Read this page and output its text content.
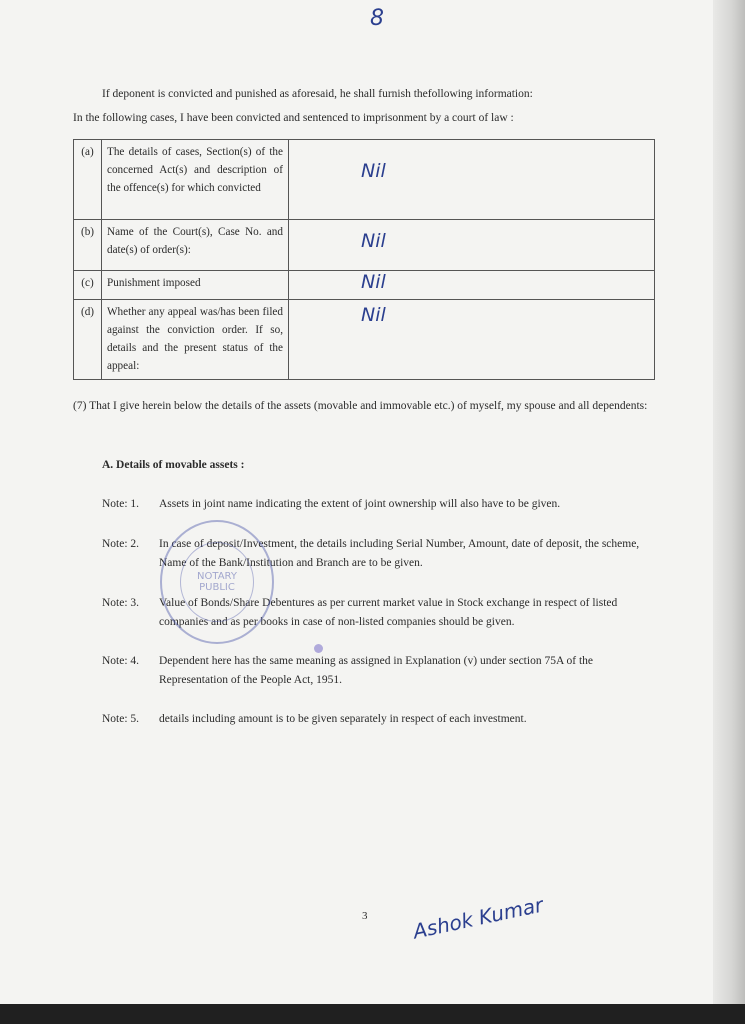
8
If deponent is convicted and punished as aforesaid, he shall furnish thefollowing information:
In the following cases, I have been convicted and sentenced to imprisonment by a court of law :
(a)	The details of cases, Section(s) of the concerned Act(s) and description of the offence(s) for which convicted	Nil

(b)	Name of the Court(s), Case No. and date(s) of order(s):	Nil

(c)	Punishment imposed	Nil

(d)	Whether any appeal was/has been filed against the conviction order. If so, details and the present status of the appeal:	Nil
(7) That I give herein below the details of the assets (movable and immovable etc.) of myself, my spouse and all dependents:
A. Details of movable assets :
Note: 1.	Assets in joint name indicating the extent of joint ownership will also have to be given.
Note: 2.	In case of deposit/Investment, the details including Serial Number, Amount, date of deposit, the scheme, Name of the Bank/Institution and Branch are to be given.
Note: 3.	Value of Bonds/Share Debentures as per current market value in Stock exchange in respect of listed companies and as per books in case of non-listed companies should be given.
Note: 4.	Dependent here has the same meaning as assigned in Explanation (v) under section 75A of the Representation of the People Act, 1951.
Note: 5.	details including amount is to be given separately in respect of each investment.
NOTARY PUBLIC
3 Ashok Kumar
